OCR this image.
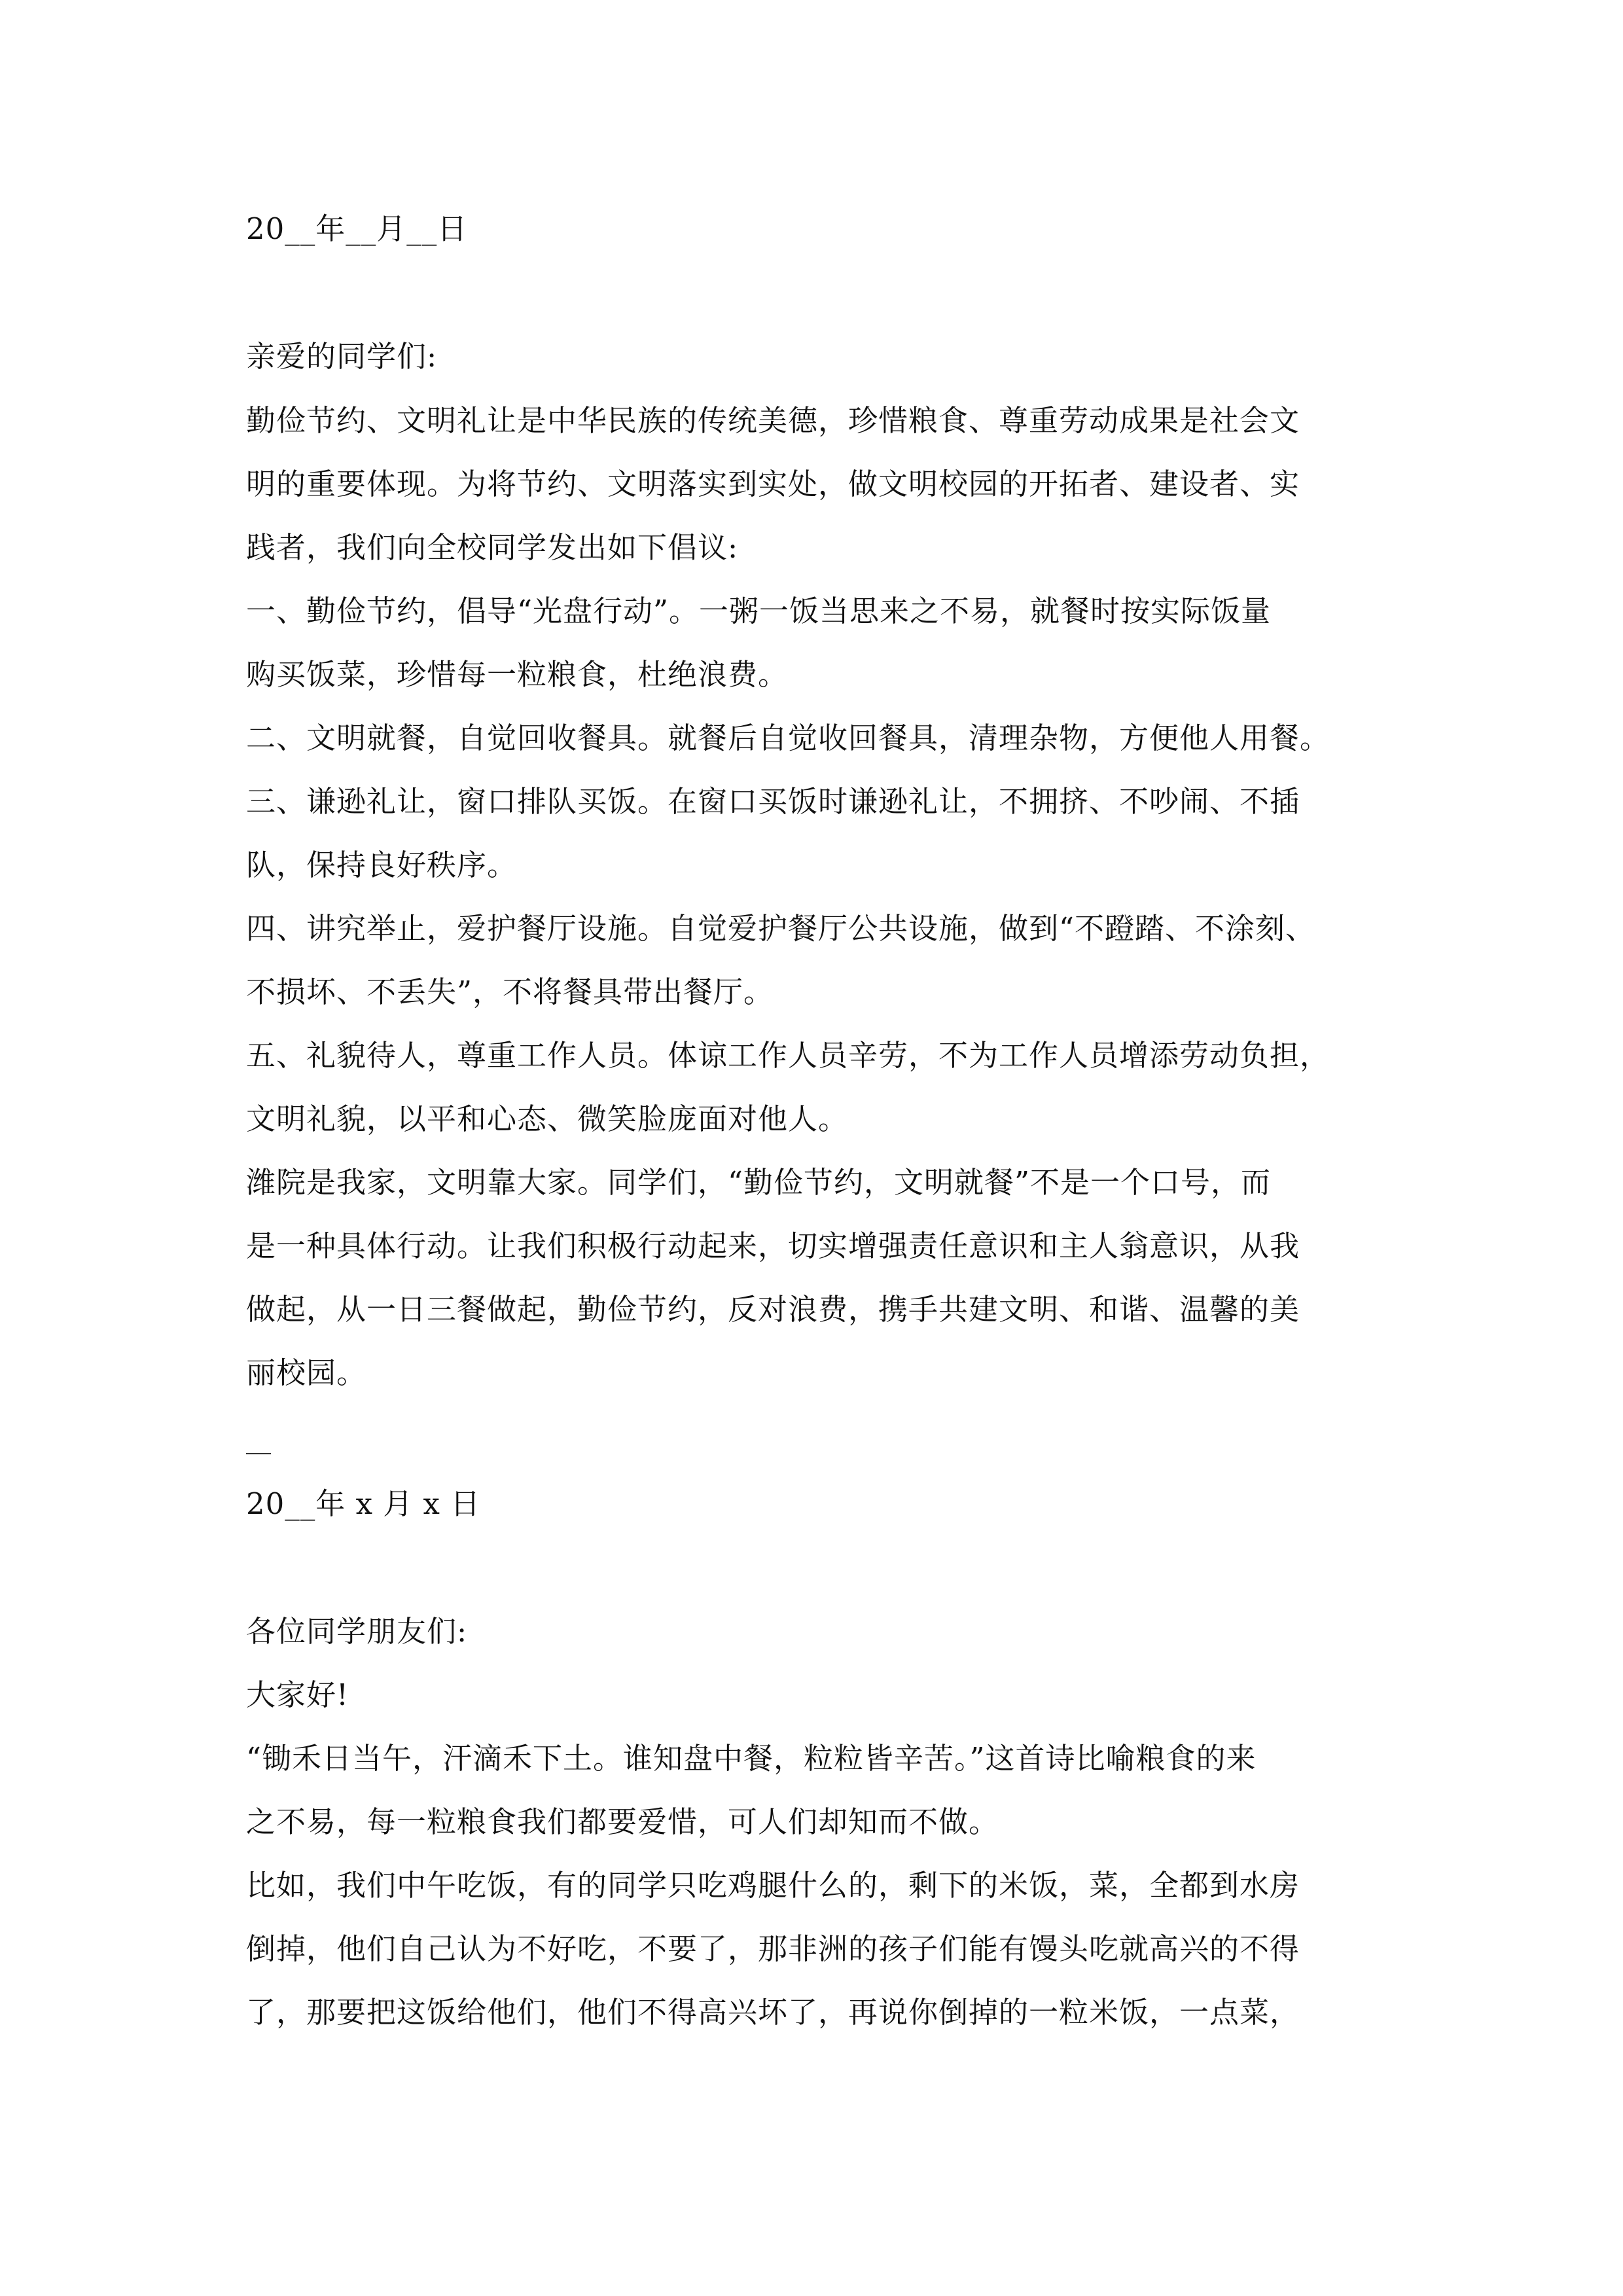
20__年__月__日
亲爱的同学们:
勤俭节约、文明礼让是中华民族的传统美德，珍惜粮食、尊重劳动成果是社会文
明的重要体现。为将节约、文明落实到实处，做文明校园的开拓者、建设者、实
践者，我们向全校同学发出如下倡议:
一、勤俭节约，倡导“光盘行动”。一粥一饭当思来之不易，就餐时按实际饭量
购买饭菜，珍惜每一粒粮食，杜绝浪费。
二、文明就餐，自觉回收餐具。就餐后自觉收回餐具，清理杂物，方便他人用餐。
三、谦逊礼让，窗口排队买饭。在窗口买饭时谦逊礼让，不拥挤、不吵闹、不插
队，保持良好秩序。
四、讲究举止，爱护餐厅设施。自觉爱护餐厅公共设施，做到“不蹬踏、不涂刻、
不损坏、不丢失”，不将餐具带出餐厅。
五、礼貌待人，尊重工作人员。体谅工作人员辛劳，不为工作人员增添劳动负担，
文明礼貌，以平和心态、微笑脸庞面对他人。
潍院是我家，文明靠大家。同学们，“勤俭节约，文明就餐”不是一个口号，而
是一种具体行动。让我们积极行动起来，切实增强责任意识和主人翁意识，从我
做起，从一日三餐做起，勤俭节约，反对浪费，携手共建文明、和谐、温馨的美
丽校园。
20__年 x 月 x 日
各位同学朋友们:
大家好!
“锄禾日当午，汗滴禾下土。谁知盘中餐，粒粒皆辛苦。”这首诗比喻粮食的来
之不易，每一粒粮食我们都要爱惜，可人们却知而不做。
比如，我们中午吃饭，有的同学只吃鸡腿什么的，剩下的米饭，菜，全都到水房
倒掉，他们自己认为不好吃，不要了，那非洲的孩子们能有馒头吃就高兴的不得
了，那要把这饭给他们，他们不得高兴坏了，再说你倒掉的一粒米饭，一点菜，
